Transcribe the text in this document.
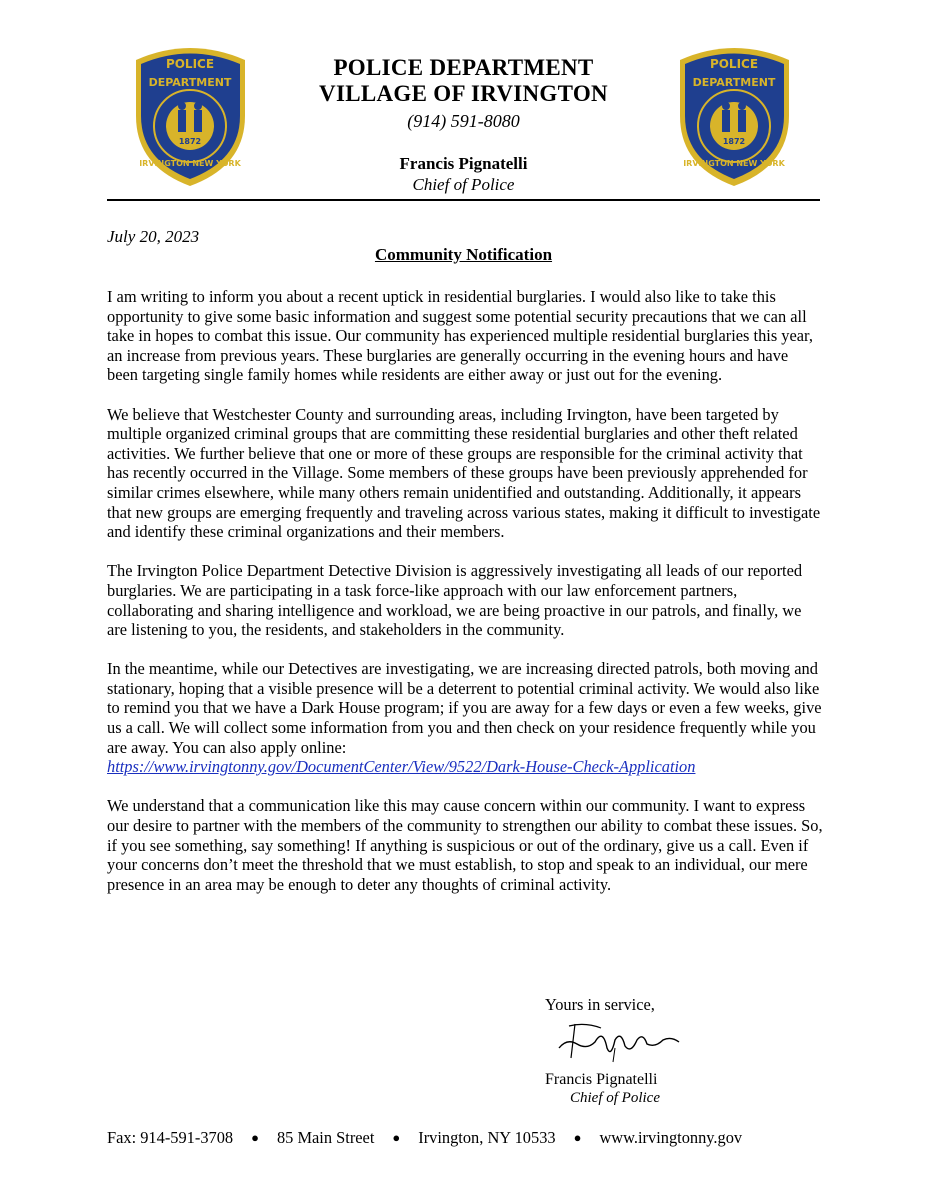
POLICE
DEPARTMENT
IRVINGTON NEW YORK
1872
POLICE
DEPARTMENT
IRVINGTON NEW YORK
1872
POLICE DEPARTMENT
VILLAGE OF IRVINGTON
(914) 591-8080
Francis Pignatelli
Chief of Police
July 20, 2023
Community Notification

I am writing to inform you about a recent uptick in residential burglaries. I would also like to take this opportunity to give some basic information and suggest some potential security precautions that we can all take in hopes to combat this issue. Our community has experienced multiple residential burglaries this year, an increase from previous years. These burglaries are generally occurring in the evening hours and have been targeting single family homes while residents are either away or just out for the evening.

We believe that Westchester County and surrounding areas, including Irvington, have been targeted by multiple organized criminal groups that are committing these residential burglaries and other theft related activities. We further believe that one or more of these groups are responsible for the criminal activity that has recently occurred in the Village. Some members of these groups have been previously apprehended for similar crimes elsewhere, while many others remain unidentified and outstanding. Additionally, it appears that new groups are emerging frequently and traveling across various states, making it difficult to investigate and identify these criminal organizations and their members.

The Irvington Police Department Detective Division is aggressively investigating all leads of our reported burglaries. We are participating in a task force-like approach with our law enforcement partners, collaborating and sharing intelligence and workload, we are being proactive in our patrols, and finally, we are listening to you, the residents, and stakeholders in the community.

In the meantime, while our Detectives are investigating, we are increasing directed patrols, both moving and stationary, hoping that a visible presence will be a deterrent to potential criminal activity. We would also like to remind you that we have a Dark House program; if you are away for a few days or even a few weeks, give us a call. We will collect some information from you and then check on your residence frequently while you are away. You can also apply online:
https://www.irvingtonny.gov/DocumentCenter/View/9522/Dark-House-Check-Application

We understand that a communication like this may cause concern within our community. I want to express our desire to partner with the members of the community to strengthen our ability to combat these issues. So, if you see something, say something! If anything is suspicious or out of the ordinary, give us a call. Even if your concerns don’t meet the threshold that we must establish, to stop and speak to an individual, our mere presence in an area may be enough to deter any thoughts of criminal activity.

Yours in service,
Francis Pignatelli
Chief of Police
Fax: 914-591-3708 ● 85 Main Street ● Irvington, NY 10533 ● www.irvingtonny.gov
